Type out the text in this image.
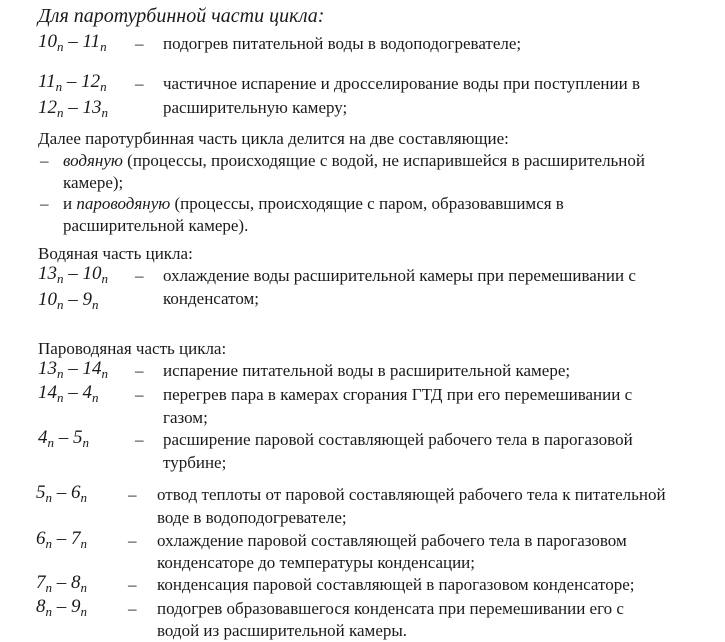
Для паротурбинной части цикла:
$10_п - 11_п$ – подогрев питательной воды в водоподогревателе;
$11_п - 12_п$ – частичное испарение и дросселирование воды при поступлении в
расширительную камеру;
$12_п - 13_п$
Далее паротурбинная часть цикла делится на две составляющие:
– водяную (процессы, происходящие с водой, не испарившейся в расширительной
камере);
– и пароводяную (процессы, происходящие с паром, образовавшимся в
расширительной камере).
Водяная часть цикла:
$13_п - 10_п$ – охлаждение воды расширительной камеры при перемешивании с
конденсатом;
$10_п - 9_п$
Пароводяная часть цикла:
$13_п - 14_п$ – испарение питательной воды в расширительной камере;
$14_п - 4_п$ – перегрев пара в камерах сгорания ГТД при его перемешивании с
газом;
$4_п - 5_п$	– расширение паровой составляющей рабочего тела в парогазовой
турбине;
$5_п - 6_п$ – отвод теплоты от паровой составляющей рабочего тела к питательной
воде в водоподогревателе;
$6_п - 7_п$ – охлаждение паровой составляющей рабочего тела в парогазовом
конденсаторе до температуры конденсации;
$7_п - 8_п$ – конденсация паровой составляющей в парогазовом конденсаторе;
$8_п - 9_п$ – подогрев образовавшегося конденсата при перемешивании его с
водой из расширительной камеры.
